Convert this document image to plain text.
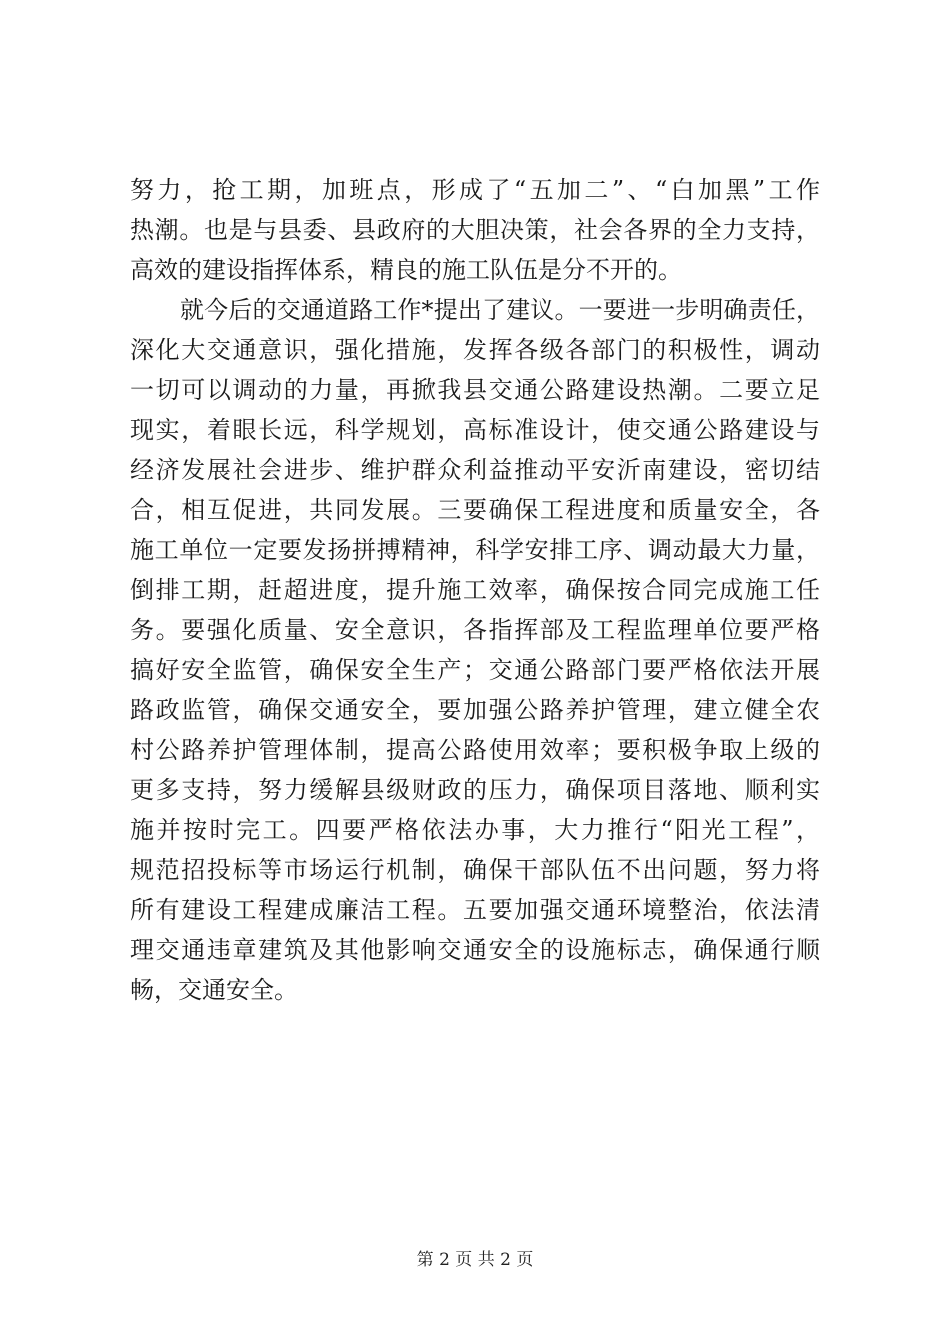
努力，抢工期，加班点，形成了“五加二”、“白加黑”工作
热潮。也是与县委、县政府的大胆决策，社会各界的全力支持，
高效的建设指挥体系，精良的施工队伍是分不开的。
就今后的交通道路工作*提出了建议。一要进一步明确责任，
深化大交通意识，强化措施，发挥各级各部门的积极性，调动
一切可以调动的力量，再掀我县交通公路建设热潮。二要立足
现实，着眼长远，科学规划，高标准设计，使交通公路建设与
经济发展社会进步、维护群众利益推动平安沂南建设，密切结
合，相互促进，共同发展。三要确保工程进度和质量安全，各
施工单位一定要发扬拼搏精神，科学安排工序、调动最大力量，
倒排工期，赶超进度，提升施工效率，确保按合同完成施工任
务。要强化质量、安全意识，各指挥部及工程监理单位要严格
搞好安全监管，确保安全生产；交通公路部门要严格依法开展
路政监管，确保交通安全，要加强公路养护管理，建立健全农
村公路养护管理体制，提高公路使用效率；要积极争取上级的
更多支持，努力缓解县级财政的压力，确保项目落地、顺利实
施并按时完工。四要严格依法办事，大力推行“阳光工程”，
规范招投标等市场运行机制，确保干部队伍不出问题，努力将
所有建设工程建成廉洁工程。五要加强交通环境整治，依法清
理交通违章建筑及其他影响交通安全的设施标志，确保通行顺
畅，交通安全。
第 2 页 共 2 页
